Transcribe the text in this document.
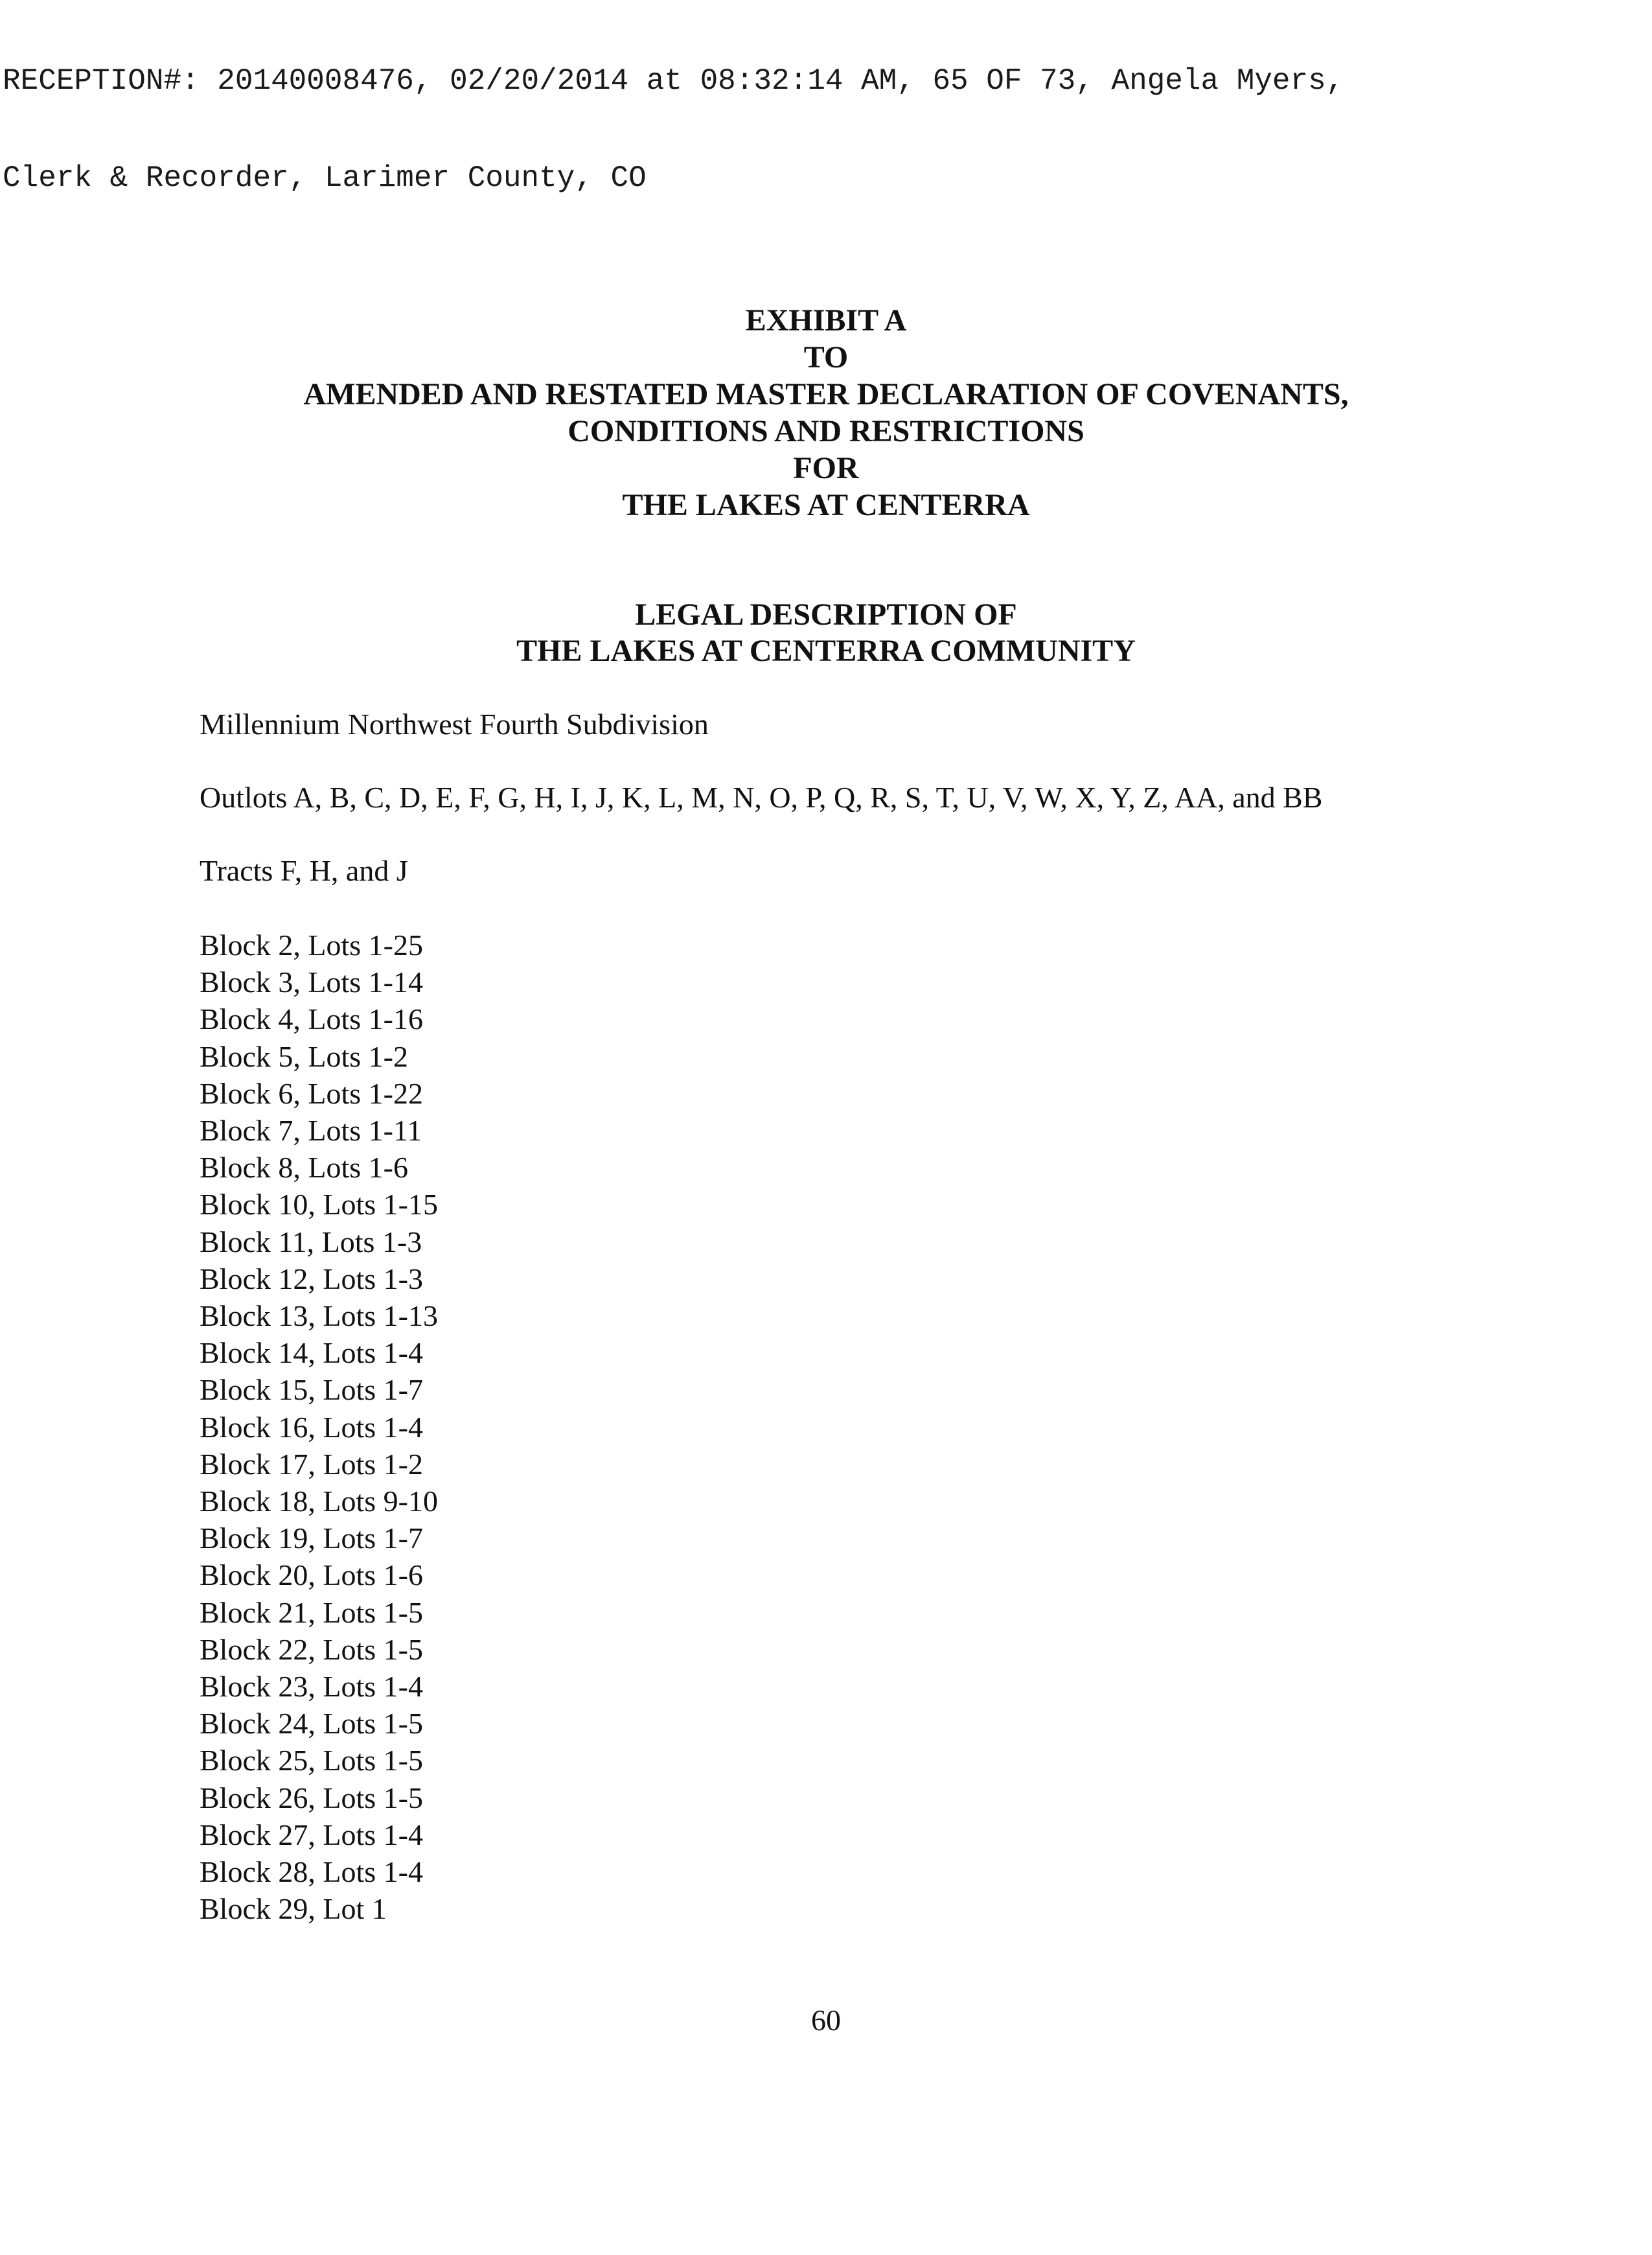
RECEPTION#: 20140008476, 02/20/2014 at 08:32:14 AM, 65 OF 73, Angela Myers,

Clerk & Recorder, Larimer County, CO

EXHIBIT A
TO
AMENDED AND RESTATED MASTER DECLARATION OF COVENANTS,
CONDITIONS AND RESTRICTIONS
FOR
THE LAKES AT CENTERRA
LEGAL DESCRIPTION OF
THE LAKES AT CENTERRA COMMUNITY
Millennium Northwest Fourth Subdivision
Outlots A, B, C, D, E, F, G, H, I, J, K, L, M, N, O, P, Q, R, S, T, U, V, W, X, Y, Z, AA, and BB
Tracts F, H, and J
Block 2, Lots 1-25
Block 3, Lots 1-14
Block 4, Lots 1-16
Block 5, Lots 1-2
Block 6, Lots 1-22
Block 7, Lots 1-11
Block 8, Lots 1-6
Block 10, Lots 1-15
Block 11, Lots 1-3
Block 12, Lots 1-3
Block 13, Lots 1-13
Block 14, Lots 1-4
Block 15, Lots 1-7
Block 16, Lots 1-4
Block 17, Lots 1-2
Block 18, Lots 9-10
Block 19, Lots 1-7
Block 20, Lots 1-6
Block 21, Lots 1-5
Block 22, Lots 1-5
Block 23, Lots 1-4
Block 24, Lots 1-5
Block 25, Lots 1-5
Block 26, Lots 1-5
Block 27, Lots 1-4
Block 28, Lots 1-4
Block 29, Lot 1
60
